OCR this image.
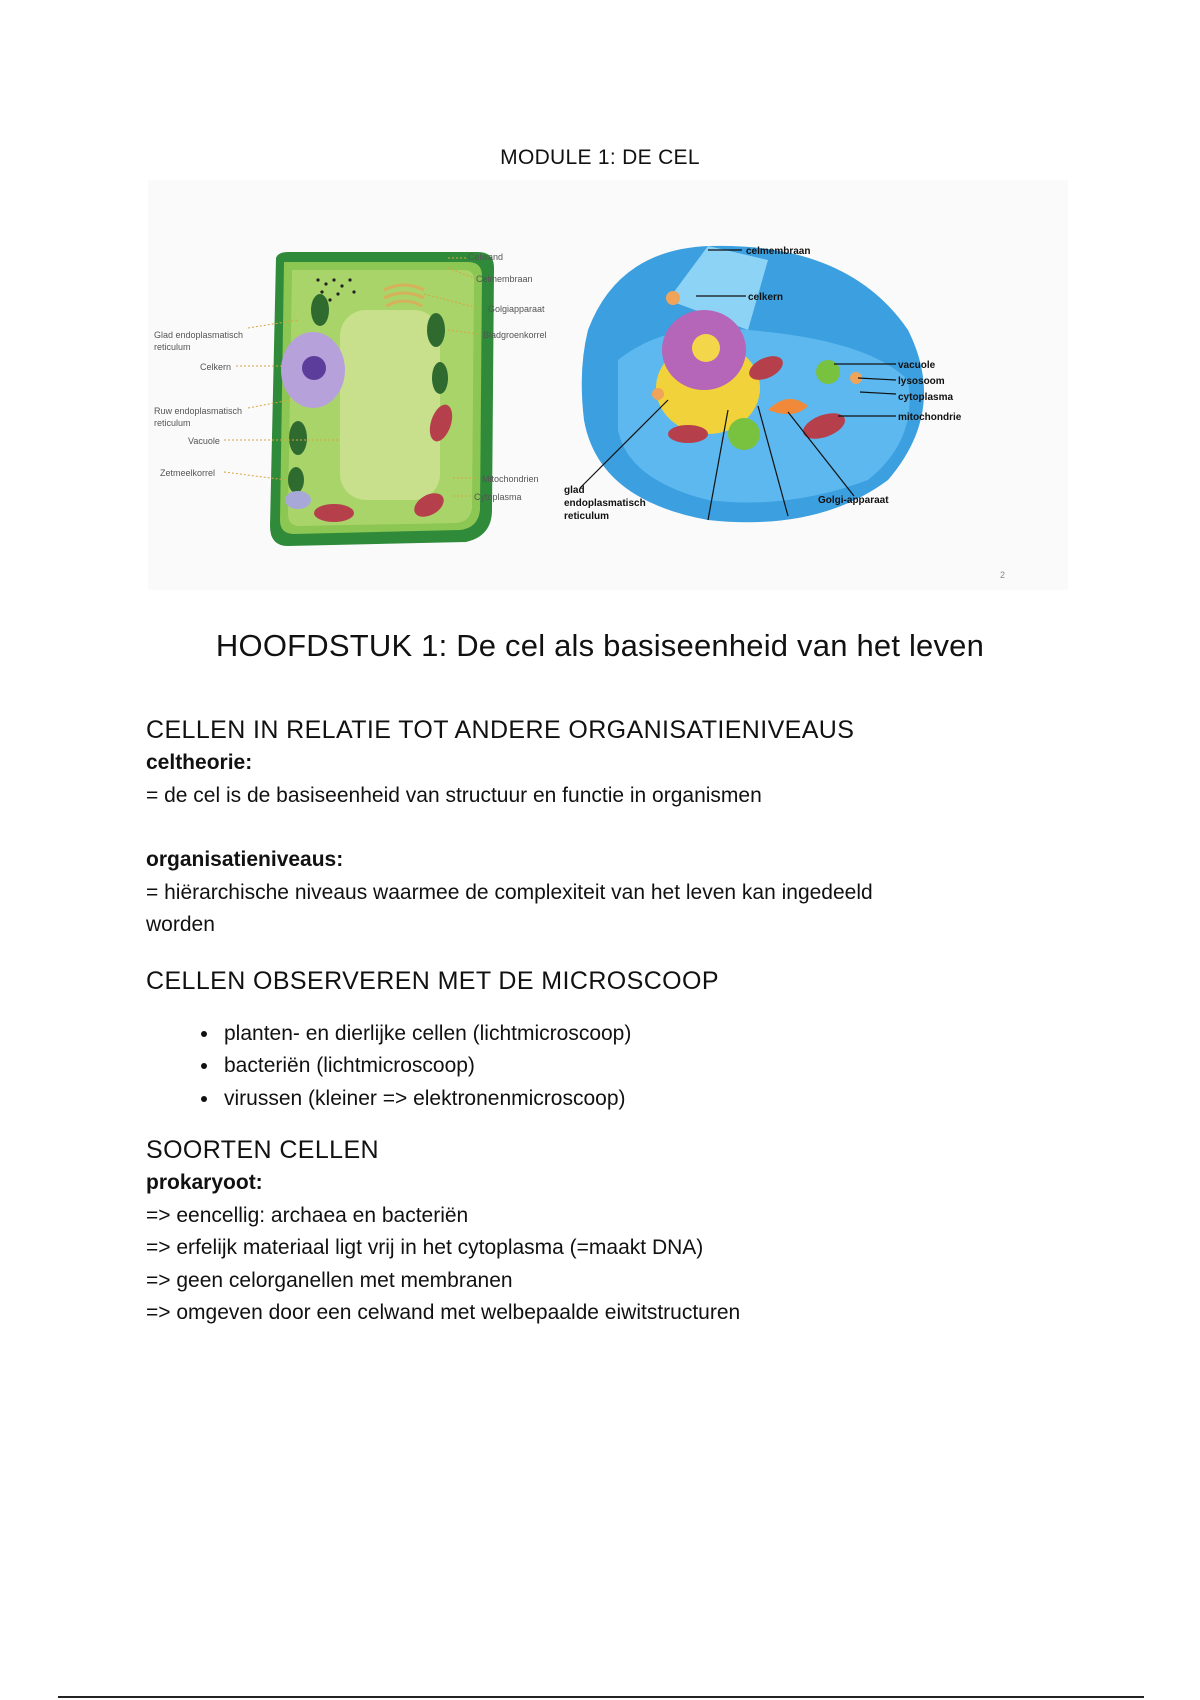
MODULE 1: DE CEL
Celwand
Celmembraan
Golgiapparaat
Bladgroenkorrel
Glad endoplasmatisch
reticulum
Celkern
Ruw endoplasmatisch
reticulum
Vacuole
Zetmeelkorrel
Mitochondrien
Cytoplasma
celmembraan
celkern
vacuole
lysosoom
cytoplasma
mitochondrie
Golgi-apparaat
glad
endoplasmatisch
reticulum
2
HOOFDSTUK 1: De cel als basiseenheid van het leven
CELLEN IN RELATIE TOT ANDERE ORGANISATIENIVEAUS
celtheorie:
= de cel is de basiseenheid van structuur en functie in organismen
organisatieniveaus:
= hiërarchische niveaus waarmee de complexiteit van het leven kan ingedeeld
worden
CELLEN OBSERVEREN MET DE MICROSCOOP
• planten- en dierlijke cellen (lichtmicroscoop)
• bacteriën (lichtmicroscoop)
• virussen (kleiner => elektronenmicroscoop)
SOORTEN CELLEN
prokaryoot:
=> eencellig: archaea en bacteriën
=> erfelijk materiaal ligt vrij in het cytoplasma (=maakt DNA)
=> geen celorganellen met membranen
=> omgeven door een celwand met welbepaalde eiwitstructuren
